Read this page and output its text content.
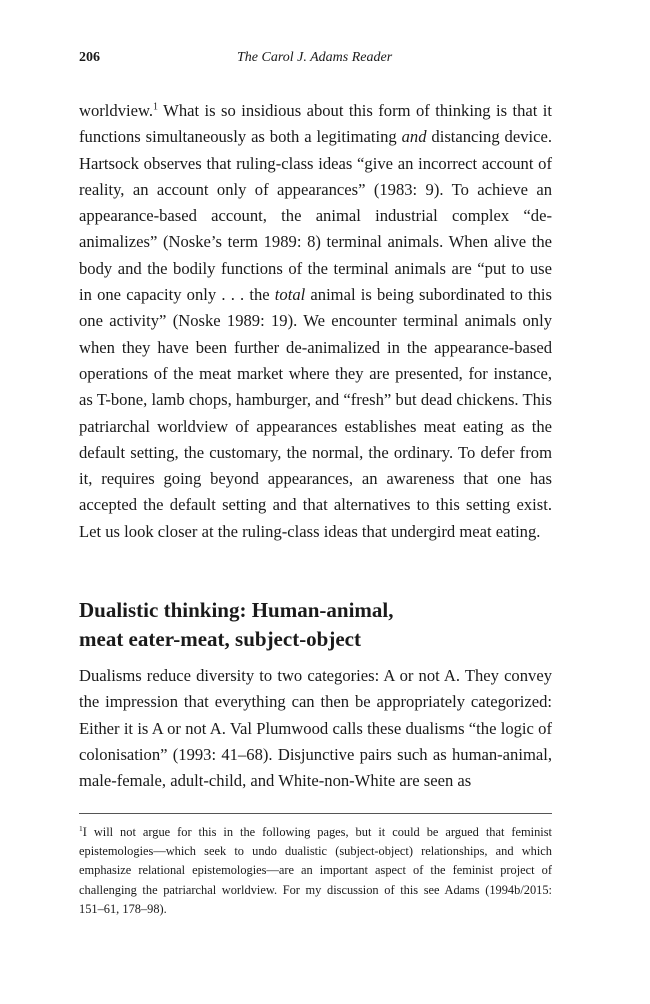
206	The Carol J. Adams Reader

worldview.$^1$ What is so insidious about this form of thinking is that it functions simultaneously as both a legitimating and distancing device. Hartsock observes that ruling-class ideas “give an incorrect account of reality, an account only of appearances” (1983: 9). To achieve an appearance-based account, the animal industrial complex “de-animalizes” (Noske’s term 1989: 8) terminal animals. When alive the body and the bodily functions of the terminal animals are “put to use in one capacity only . . . the total animal is being subordinated to this one activity” (Noske 1989: 19). We encounter terminal animals only when they have been further de-animalized in the appearance-based operations of the meat market where they are presented, for instance, as T-bone, lamb chops, hamburger, and “fresh” but dead chickens. This patriarchal worldview of appearances establishes meat eating as the default setting, the customary, the normal, the ordinary. To defer from it, requires going beyond appearances, an awareness that one has accepted the default setting and that alternatives to this setting exist. Let us look closer at the ruling-class ideas that undergird meat eating.

Dualistic thinking: Human-animal,
meat eater-meat, subject-object

Dualisms reduce diversity to two categories: A or not A. They convey the impression that everything can then be appropriately categorized: Either it is A or not A. Val Plumwood calls these dualisms “the logic of colonisation” (1993: 41–68). Disjunctive pairs such as human-animal, male-female, adult-child, and White-non-White are seen as

$^1$I will not argue for this in the following pages, but it could be argued that feminist epistemologies—which seek to undo dualistic (subject-object) relationships, and which emphasize relational epistemologies—are an important aspect of the feminist project of challenging the patriarchal worldview. For my discussion of this see Adams (1994b/2015: 151–61, 178–98).
